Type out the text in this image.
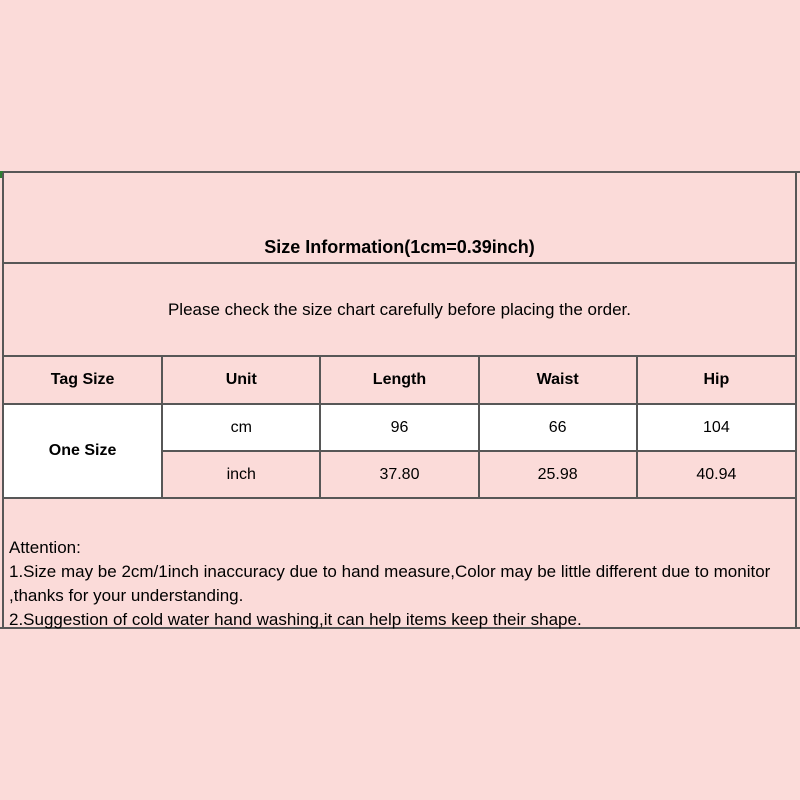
Size Information(1cm=0.39inch)
Please check the size chart carefully before placing the order.
Tag Size	Unit	Length	Waist	Hip
One Size	cm	96	66	104
	inch	37.80	25.98	40.94
Attention:
1.Size may be 2cm/1inch inaccuracy due to hand measure,Color may be little different due to monitor
,thanks for your understanding.
2.Suggestion of cold water hand washing,it can help items keep their shape.
